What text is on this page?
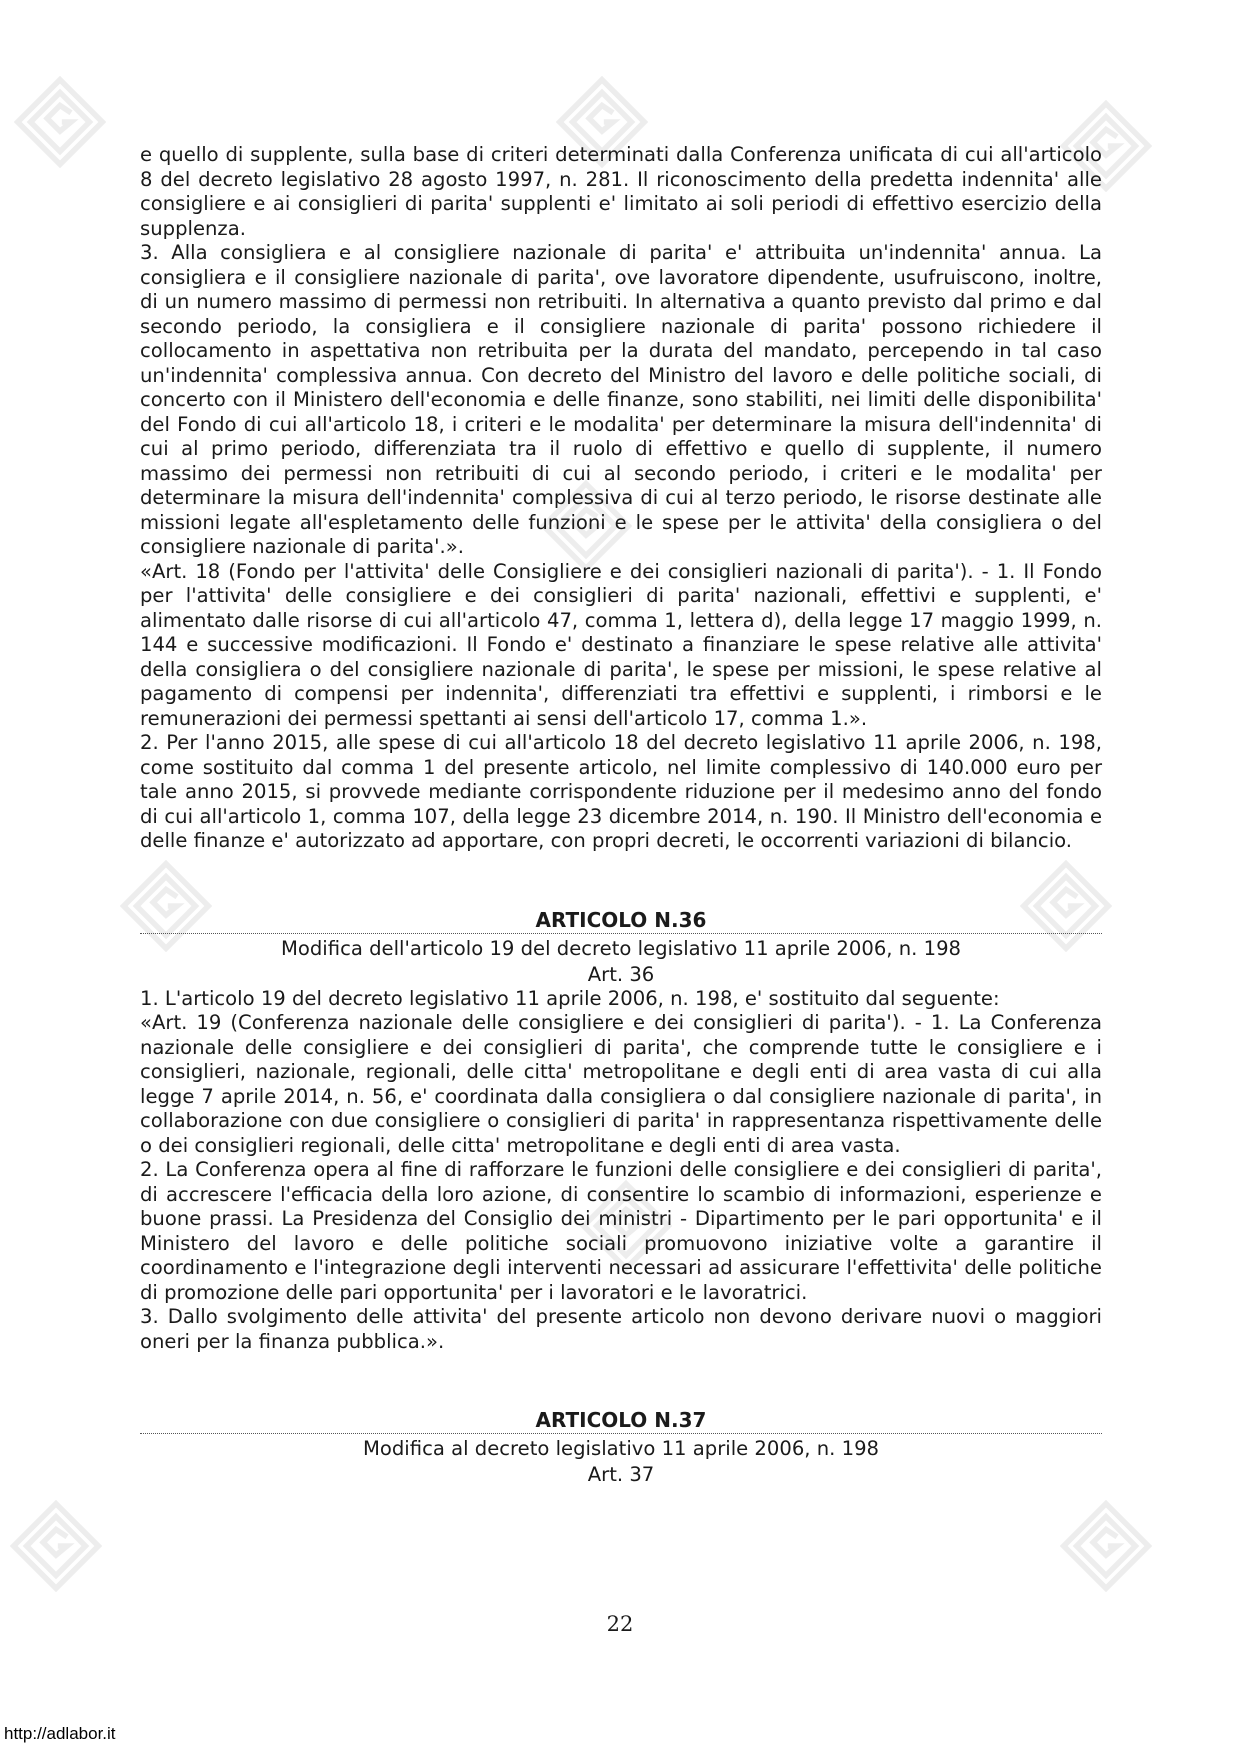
e quello di supplente, sulla base di criteri determinati dalla Conferenza unificata di cui all'articolo 8 del decreto legislativo 28 agosto 1997, n. 281. Il riconoscimento della predetta indennita' alle consigliere e ai consiglieri di parita' supplenti e' limitato ai soli periodi di effettivo esercizio della supplenza.

3. Alla consigliera e al consigliere nazionale di parita' e' attribuita un'indennita' annua. La consigliera e il consigliere nazionale di parita', ove lavoratore dipendente, usufruiscono, inoltre, di un numero massimo di permessi non retribuiti. In alternativa a quanto previsto dal primo e dal secondo periodo, la consigliera e il consigliere nazionale di parita' possono richiedere il collocamento in aspettativa non retribuita per la durata del mandato, percependo in tal caso un'indennita' complessiva annua. Con decreto del Ministro del lavoro e delle politiche sociali, di concerto con il Ministero dell'economia e delle finanze, sono stabiliti, nei limiti delle disponibilita' del Fondo di cui all'articolo 18, i criteri e le modalita' per determinare la misura dell'indennita' di cui al primo periodo, differenziata tra il ruolo di effettivo e quello di supplente, il numero massimo dei permessi non retribuiti di cui al secondo periodo, i criteri e le modalita' per determinare la misura dell'indennita' complessiva di cui al terzo periodo, le risorse destinate alle missioni legate all'espletamento delle funzioni e le spese per le attivita' della consigliera o del consigliere nazionale di parita'.».

«Art. 18 (Fondo per l'attivita' delle Consigliere e dei consiglieri nazionali di parita'). - 1. Il Fondo per l'attivita' delle consigliere e dei consiglieri di parita' nazionali, effettivi e supplenti, e' alimentato dalle risorse di cui all'articolo 47, comma 1, lettera d), della legge 17 maggio 1999, n. 144 e successive modificazioni. Il Fondo e' destinato a finanziare le spese relative alle attivita' della consigliera o del consigliere nazionale di parita', le spese per missioni, le spese relative al pagamento di compensi per indennita', differenziati tra effettivi e supplenti, i rimborsi e le remunerazioni dei permessi spettanti ai sensi dell'articolo 17, comma 1.».

2. Per l'anno 2015, alle spese di cui all'articolo 18 del decreto legislativo 11 aprile 2006, n. 198, come sostituito dal comma 1 del presente articolo, nel limite complessivo di 140.000 euro per tale anno 2015, si provvede mediante corrispondente riduzione per il medesimo anno del fondo di cui all'articolo 1, comma 107, della legge 23 dicembre 2014, n. 190. Il Ministro dell'economia e delle finanze e' autorizzato ad apportare, con propri decreti, le occorrenti variazioni di bilancio.

ARTICOLO N.36

Modifica dell'articolo 19 del decreto legislativo 11 aprile 2006, n. 198

Art. 36

1. L'articolo 19 del decreto legislativo 11 aprile 2006, n. 198, e' sostituito dal seguente:

«Art. 19 (Conferenza nazionale delle consigliere e dei consiglieri di parita'). - 1. La Conferenza nazionale delle consigliere e dei consiglieri di parita', che comprende tutte le consigliere e i consiglieri, nazionale, regionali, delle citta' metropolitane e degli enti di area vasta di cui alla legge 7 aprile 2014, n. 56, e' coordinata dalla consigliera o dal consigliere nazionale di parita', in collaborazione con due consigliere o consiglieri di parita' in rappresentanza rispettivamente delle o dei consiglieri regionali, delle citta' metropolitane e degli enti di area vasta.

2. La Conferenza opera al fine di rafforzare le funzioni delle consigliere e dei consiglieri di parita', di accrescere l'efficacia della loro azione, di consentire lo scambio di informazioni, esperienze e buone prassi. La Presidenza del Consiglio dei ministri - Dipartimento per le pari opportunita' e il Ministero del lavoro e delle politiche sociali promuovono iniziative volte a garantire il coordinamento e l'integrazione degli interventi necessari ad assicurare l'effettivita' delle politiche di promozione delle pari opportunita' per i lavoratori e le lavoratrici.

3. Dallo svolgimento delle attivita' del presente articolo non devono derivare nuovi o maggiori oneri per la finanza pubblica.».

ARTICOLO N.37

Modifica al decreto legislativo 11 aprile 2006, n. 198

Art. 37

22
http://adlabor.it
